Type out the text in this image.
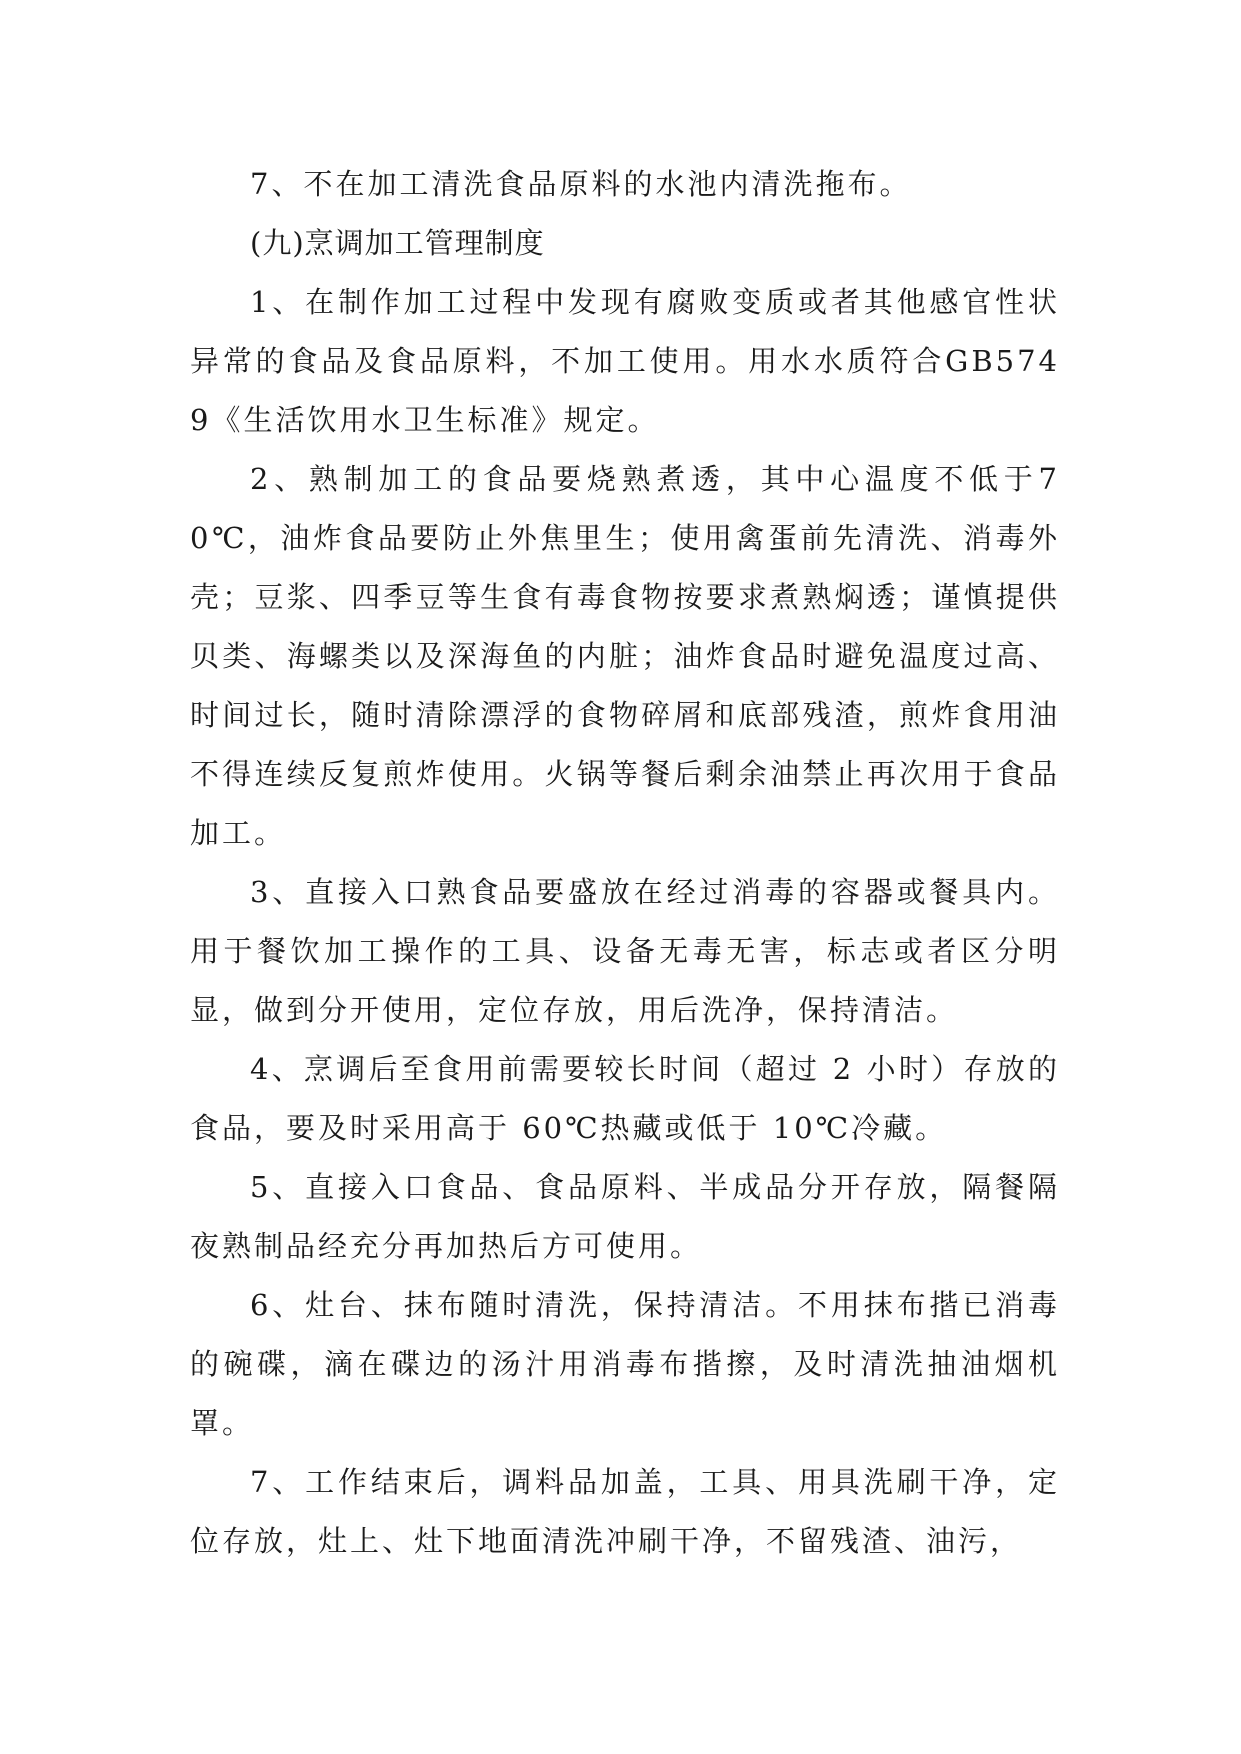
7、不在加工清洗食品原料的水池内清洗拖布。

(九)烹调加工管理制度

1、在制作加工过程中发现有腐败变质或者其他感官性状异常的食品及食品原料，不加工使用。用水水质符合GB5749《生活饮用水卫生标准》规定。

2、熟制加工的食品要烧熟煮透，其中心温度不低于70℃，油炸食品要防止外焦里生；使用禽蛋前先清洗、消毒外壳；豆浆、四季豆等生食有毒食物按要求煮熟焖透；谨慎提供贝类、海螺类以及深海鱼的内脏；油炸食品时避免温度过高、时间过长，随时清除漂浮的食物碎屑和底部残渣，煎炸食用油不得连续反复煎炸使用。火锅等餐后剩余油禁止再次用于食品加工。

3、直接入口熟食品要盛放在经过消毒的容器或餐具内。用于餐饮加工操作的工具、设备无毒无害，标志或者区分明显，做到分开使用，定位存放，用后洗净，保持清洁。

4、烹调后至食用前需要较长时间（超过 2 小时）存放的食品，要及时采用高于 60℃热藏或低于 10℃冷藏。

5、直接入口食品、食品原料、半成品分开存放，隔餐隔夜熟制品经充分再加热后方可使用。

6、灶台、抹布随时清洗，保持清洁。不用抹布揩已消毒的碗碟，滴在碟边的汤汁用消毒布揩擦，及时清洗抽油烟机罩。

7、工作结束后，调料品加盖，工具、用具洗刷干净，定位存放，灶上、灶下地面清洗冲刷干净，不留残渣、油污，
